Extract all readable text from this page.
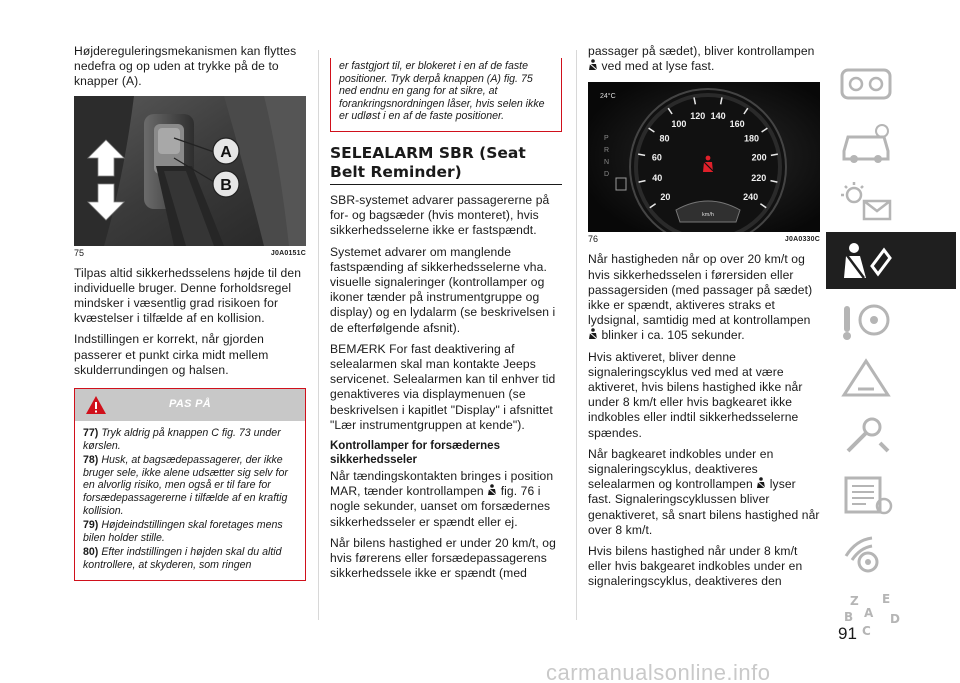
Højdereguleringsmekanismen kan flyttes nedefra og op uden at trykke på de to knapper (A).

A
B
75	J0A0151C

Tilpas altid sikkerhedsselens højde til den individuelle bruger. Denne forholdsregel mindsker i væsentlig grad risikoen for kvæstelser i tilfælde af en kollision.

Indstillingen er korrekt, når gjorden passerer et punkt cirka midt mellem skulderrundingen og halsen.

PAS PÅ
77) Tryk aldrig på knappen C fig. 73 under kørslen.
78) Husk, at bagsædepassagerer, der ikke bruger sele, ikke alene udsætter sig selv for en alvorlig risiko, men også er til fare for forsædepassagererne i tilfælde af en kraftig kollision.
79) Højdeindstillingen skal foretages mens bilen holder stille.
80) Efter indstillingen i højden skal du altid kontrollere, at skyderen, som ringen
er fastgjort til, er blokeret i en af de faste positioner. Tryk derpå knappen (A) fig. 75 ned endnu en gang for at sikre, at forankringsnordningen låser, hvis selen ikke er udløst i en af de faste positioner.
SELEALARM SBR (Seat Belt Reminder)

SBR-systemet advarer passagererne på for- og bagsæder (hvis monteret), hvis sikkerhedsselerne ikke er fastspændt.

Systemet advarer om manglende fastspænding af sikkerhedsselerne vha. visuelle signaleringer (kontrollamper og ikoner tænder på instrumentgruppe og display) og en lydalarm (se beskrivelsen i de efterfølgende afsnit).

BEMÆRK For fast deaktivering af selealarmen skal man kontakte Jeeps servicenet. Selealarmen kan til enhver tid genaktiveres via displaymenuen (se beskrivelsen i kapitlet "Display" i afsnittet "Lær instrumentgruppen at kende").

Kontrollamper for forsædernes sikkerhedsseler

Når tændingskontakten bringes i position MAR, tænder kontrollampen fig. 76 i nogle sekunder, uanset om forsædernes sikkerhedsseler er spændt eller ej.

Når bilens hastighed er under 20 km/t, og hvis førerens eller forsædepassagerens sikkerhedssele ikke er spændt (med

passager på sædet), bliver kontrollampen  ved med at lyse fast.

24°C
P
R
N
D
20
40
60
80
100
120 140
160
180
200
220
240
km/h
76	J0A0330C

Når hastigheden når op over 20 km/t og hvis sikkerhedsselen i førersiden eller passagersiden (med passager på sædet) ikke er spændt, aktiveres straks et lydsignal, samtidig med at kontrollampen  blinker i ca. 105 sekunder.

Hvis aktiveret, bliver denne signaleringscyklus ved med at være aktiveret, hvis bilens hastighed ikke når under 8 km/t eller hvis bagkearet ikke indkobles eller indtil sikkerhedsselerne spændes.

Når bagkearet indkobles under en signaleringscyklus, deaktiveres selealarmen og kontrollampen lyser fast. Signaleringscyklussen bliver genaktiveret, så snart bilens hastighed når over 8 km/t.

Hvis bilens hastighed når under 8 km/t eller hvis bakgearet indkobles under en signaleringscyklus, deaktiveres den

Z E
B A D
C
91
carmanualsonline.info
